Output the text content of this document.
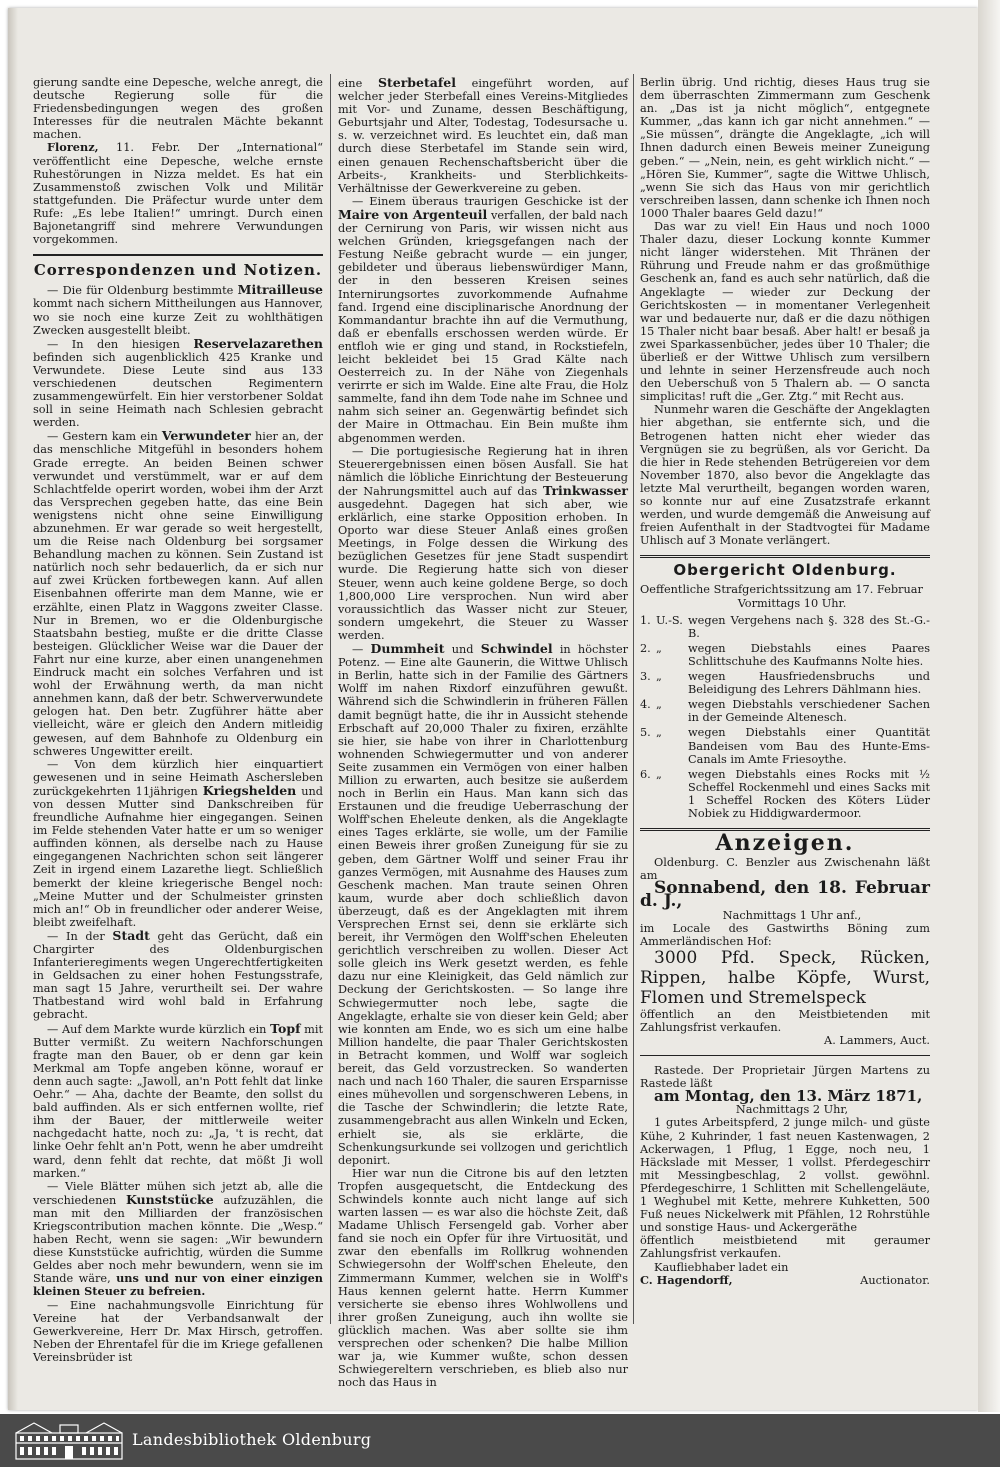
gierung sandte eine Depesche, welche anregt, die deutsche Regierung solle für die Friedensbedingungen wegen des großen Interesses für die neutralen Mächte bekannt machen.

Florenz, 11. Febr. Der „International“ veröffentlicht eine Depesche, welche ernste Ruhestörungen in Nizza meldet. Es hat ein Zusammenstoß zwischen Volk und Militär stattgefunden. Die Präfectur wurde unter dem Rufe: „Es lebe Italien!“ umringt. Durch einen Bajonetangriff sind mehrere Verwundungen vorgekommen.

Correspondenzen und Notizen.

— Die für Oldenburg bestimmte Mitrailleuse kommt nach sichern Mittheilungen aus Hannover, wo sie noch eine kurze Zeit zu wohlthätigen Zwecken ausgestellt bleibt.

— In den hiesigen Reservelazarethen befinden sich augenblicklich 425 Kranke und Verwundete. Diese Leute sind aus 133 verschiedenen deutschen Regimentern zusammengewürfelt. Ein hier verstorbener Soldat soll in seine Heimath nach Schlesien gebracht werden.

— Gestern kam ein Verwundeter hier an, der das menschliche Mitgefühl in besonders hohem Grade erregte. An beiden Beinen schwer verwundet und verstümmelt, war er auf dem Schlachtfelde operirt worden, wobei ihm der Arzt das Versprechen gegeben hatte, das eine Bein wenigstens nicht ohne seine Einwilligung abzunehmen. Er war gerade so weit hergestellt, um die Reise nach Oldenburg bei sorgsamer Behandlung machen zu können. Sein Zustand ist natürlich noch sehr bedauerlich, da er sich nur auf zwei Krücken fortbewegen kann. Auf allen Eisenbahnen offerirte man dem Manne, wie er erzählte, einen Platz in Waggons zweiter Classe. Nur in Bremen, wo er die Oldenburgische Staatsbahn bestieg, mußte er die dritte Classe besteigen. Glücklicher Weise war die Dauer der Fahrt nur eine kurze, aber einen unangenehmen Eindruck macht ein solches Verfahren und ist wohl der Erwähnung werth, da man nicht annehmen kann, daß der betr. Schwerverwundete gelogen hat. Den betr. Zugführer hätte aber vielleicht, wäre er gleich den Andern mitleidig gewesen, auf dem Bahnhofe zu Oldenburg ein schweres Ungewitter ereilt.

— Von dem kürzlich hier einquartiert gewesenen und in seine Heimath Aschersleben zurückgekehrten 11jährigen Kriegshelden und von dessen Mutter sind Dankschreiben für freundliche Aufnahme hier eingegangen. Seinen im Felde stehenden Vater hatte er um so weniger auffinden können, als derselbe nach zu Hause eingegangenen Nachrichten schon seit längerer Zeit in irgend einem Lazarethe liegt. Schließlich bemerkt der kleine kriegerische Bengel noch: „Meine Mutter und der Schulmeister grinsten mich an!“ Ob in freundlicher oder anderer Weise, bleibt zweifelhaft.

— In der Stadt geht das Gerücht, daß ein Chargirter des Oldenburgischen Infanterieregiments wegen Ungerechtfertigkeiten in Geldsachen zu einer hohen Festungsstrafe, man sagt 15 Jahre, verurtheilt sei. Der wahre Thatbestand wird wohl bald in Erfahrung gebracht.

— Auf dem Markte wurde kürzlich ein Topf mit Butter vermißt. Zu weitern Nachforschungen fragte man den Bauer, ob er denn gar kein Merkmal am Topfe angeben könne, worauf er denn auch sagte: „Jawoll, an'n Pott fehlt dat linke Oehr.“ — Aha, dachte der Beamte, den sollst du bald auffinden. Als er sich entfernen wollte, rief ihm der Bauer, der mittlerweile weiter nachgedacht hatte, noch zu: „Ja, 't is recht, dat linke Oehr fehlt an'n Pott, wenn he aber umdreiht ward, denn fehlt dat rechte, dat mößt Ji woll marken.“

— Viele Blätter mühen sich jetzt ab, alle die verschiedenen Kunststücke aufzuzählen, die man mit den Milliarden der französischen Kriegscontribution machen könnte. Die „Wesp.“ haben Recht, wenn sie sagen: „Wir bewundern diese Kunststücke aufrichtig, würden die Summe Geldes aber noch mehr bewundern, wenn sie im Stande wäre, uns und nur von einer einzigen kleinen Steuer zu befreien.

— Eine nachahmungsvolle Einrichtung für Vereine hat der Verbandsanwalt der Gewerkvereine, Herr Dr. Max Hirsch, getroffen. Neben der Ehrentafel für die im Kriege gefallenen Vereinsbrüder ist

eine Sterbetafel eingeführt worden, auf welcher jeder Sterbefall eines Vereins-Mitgliedes mit Vor- und Zuname, dessen Beschäftigung, Geburtsjahr und Alter, Todestag, Todesursache u. s. w. verzeichnet wird. Es leuchtet ein, daß man durch diese Sterbetafel im Stande sein wird, einen genauen Rechenschaftsbericht über die Arbeits-, Krankheits- und Sterblichkeits-Verhältnisse der Gewerkvereine zu geben.

— Einem überaus traurigen Geschicke ist der Maire von Argenteuil verfallen, der bald nach der Cernirung von Paris, wir wissen nicht aus welchen Gründen, kriegsgefangen nach der Festung Neiße gebracht wurde — ein junger, gebildeter und überaus liebenswürdiger Mann, der in den besseren Kreisen seines Internirungsortes zuvorkommende Aufnahme fand. Irgend eine disciplinarische Anordnung der Kommandantur brachte ihn auf die Vermuthung, daß er ebenfalls erschossen werden würde. Er entfloh wie er ging und stand, in Rockstiefeln, leicht bekleidet bei 15 Grad Kälte nach Oesterreich zu. In der Nähe von Ziegenhals verirrte er sich im Walde. Eine alte Frau, die Holz sammelte, fand ihn dem Tode nahe im Schnee und nahm sich seiner an. Gegenwärtig befindet sich der Maire in Ottmachau. Ein Bein mußte ihm abgenommen werden.

— Die portugiesische Regierung hat in ihren Steuerergebnissen einen bösen Ausfall. Sie hat nämlich die löbliche Einrichtung der Besteuerung der Nahrungsmittel auch auf das Trinkwasser ausgedehnt. Dagegen hat sich aber, wie erklärlich, eine starke Opposition erhoben. In Oporto war diese Steuer Anlaß eines großen Meetings, in Folge dessen die Wirkung des bezüglichen Gesetzes für jene Stadt suspendirt wurde. Die Regierung hatte sich von dieser Steuer, wenn auch keine goldene Berge, so doch 1,800,000 Lire versprochen. Nun wird aber voraussichtlich das Wasser nicht zur Steuer, sondern umgekehrt, die Steuer zu Wasser werden.

— Dummheit und Schwindel in höchster Potenz. — Eine alte Gaunerin, die Wittwe Uhlisch in Berlin, hatte sich in der Familie des Gärtners Wolff im nahen Rixdorf einzuführen gewußt. Während sich die Schwindlerin in früheren Fällen damit begnügt hatte, die ihr in Aussicht stehende Erbschaft auf 20,000 Thaler zu fixiren, erzählte sie hier, sie habe von ihrer in Charlottenburg wohnenden Schwiegermutter und von anderer Seite zusammen ein Vermögen von einer halben Million zu erwarten, auch besitze sie außerdem noch in Berlin ein Haus. Man kann sich das Erstaunen und die freudige Ueberraschung der Wolff'schen Eheleute denken, als die Angeklagte eines Tages erklärte, sie wolle, um der Familie einen Beweis ihrer großen Zuneigung für sie zu geben, dem Gärtner Wolff und seiner Frau ihr ganzes Vermögen, mit Ausnahme des Hauses zum Geschenk machen. Man traute seinen Ohren kaum, wurde aber doch schließlich davon überzeugt, daß es der Angeklagten mit ihrem Versprechen Ernst sei, denn sie erklärte sich bereit, ihr Vermögen den Wolff'schen Eheleuten gerichtlich verschreiben zu wollen. Dieser Act solle gleich ins Werk gesetzt werden, es fehle dazu nur eine Kleinigkeit, das Geld nämlich zur Deckung der Gerichtskosten. — So lange ihre Schwiegermutter noch lebe, sagte die Angeklagte, erhalte sie von dieser kein Geld; aber wie konnten am Ende, wo es sich um eine halbe Million handelte, die paar Thaler Gerichtskosten in Betracht kommen, und Wolff war sogleich bereit, das Geld vorzustrecken. So wanderten nach und nach 160 Thaler, die sauren Ersparnisse eines mühevollen und sorgenschweren Lebens, in die Tasche der Schwindlerin; die letzte Rate, zusammengebracht aus allen Winkeln und Ecken, erhielt sie, als sie erklärte, die Schenkungsurkunde sei vollzogen und gerichtlich deponirt.

Hier war nun die Citrone bis auf den letzten Tropfen ausgequetscht, die Entdeckung des Schwindels konnte auch nicht lange auf sich warten lassen — es war also die höchste Zeit, daß Madame Uhlisch Fersengeld gab. Vorher aber fand sie noch ein Opfer für ihre Virtuosität, und zwar den ebenfalls im Rollkrug wohnenden Schwiegersohn der Wolff'schen Eheleute, den Zimmermann Kummer, welchen sie in Wolff's Haus kennen gelernt hatte. Herrn Kummer versicherte sie ebenso ihres Wohlwollens und ihrer großen Zuneigung, auch ihn wollte sie glücklich machen. Was aber sollte sie ihm versprechen oder schenken? Die halbe Million war ja, wie Kummer wußte, schon dessen Schwiegereltern verschrieben, es blieb also nur noch das Haus in

Berlin übrig. Und richtig, dieses Haus trug sie dem überraschten Zimmermann zum Geschenk an. „Das ist ja nicht möglich“, entgegnete Kummer, „das kann ich gar nicht annehmen.“ — „Sie müssen“, drängte die Angeklagte, „ich will Ihnen dadurch einen Beweis meiner Zuneigung geben.“ — „Nein, nein, es geht wirklich nicht.“ — „Hören Sie, Kummer“, sagte die Wittwe Uhlisch, „wenn Sie sich das Haus von mir gerichtlich verschreiben lassen, dann schenke ich Ihnen noch 1000 Thaler baares Geld dazu!“

Das war zu viel! Ein Haus und noch 1000 Thaler dazu, dieser Lockung konnte Kummer nicht länger widerstehen. Mit Thränen der Rührung und Freude nahm er das großmüthige Geschenk an, fand es auch sehr natürlich, daß die Angeklagte — wieder zur Deckung der Gerichtskosten — in momentaner Verlegenheit war und bedauerte nur, daß er die dazu nöthigen 15 Thaler nicht baar besaß. Aber halt! er besaß ja zwei Sparkassenbücher, jedes über 10 Thaler; die überließ er der Wittwe Uhlisch zum versilbern und lehnte in seiner Herzensfreude auch noch den Ueberschuß von 5 Thalern ab. — O sancta simplicitas! ruft die „Ger. Ztg.“ mit Recht aus.

Nunmehr waren die Geschäfte der Angeklagten hier abgethan, sie entfernte sich, und die Betrogenen hatten nicht eher wieder das Vergnügen sie zu begrüßen, als vor Gericht. Da die hier in Rede stehenden Betrügereien vor dem November 1870, also bevor die Angeklagte das letzte Mal verurtheilt, begangen worden waren, so konnte nur auf eine Zusatzstrafe erkannt werden, und wurde demgemäß die Anweisung auf freien Aufenthalt in der Stadtvogtei für Madame Uhlisch auf 3 Monate verlängert.

Obergericht Oldenburg.

Oeffentliche Strafgerichtssitzung am 17. Februar

Vormittags 10 Uhr.

1. U.-S. wegen Vergehens nach §. 328 des St.-G.-B.
2. „	wegen Diebstahls eines Paares Schlittschuhe des Kaufmanns Nolte hies.
3. „	wegen Hausfriedensbruchs und Beleidigung des Lehrers Dählmann hies.
4. „	wegen Diebstahls verschiedener Sachen in der Gemeinde Altenesch.
5. „	wegen Diebstahls einer Quantität Bandeisen vom Bau des Hunte-Ems-Canals im Amte Friesoythe.
6. „	wegen Diebstahls eines Rocks mit ½ Scheffel Rockenmehl und eines Sacks mit 1 Scheffel Rocken des Köters Lüder Nobiek zu Hiddigwardermoor.
Anzeigen.

Oldenburg. C. Benzler aus Zwischenahn läßt am

Sonnabend, den 18. Februar d. J.,

Nachmittags 1 Uhr anf.,

im Locale des Gastwirths Böning zum Ammerländischen Hof:

3000 Pfd. Speck, Rücken, Rippen, halbe Köpfe, Wurst, Flomen und Stremelspeck

öffentlich an den Meistbietenden mit Zahlungsfrist verkaufen.

A. Lammers, Auct.

Rastede. Der Proprietair Jürgen Martens zu Rastede läßt

am Montag, den 13. März 1871,

Nachmittags 2 Uhr,

1 gutes Arbeitspferd, 2 junge milch- und güste Kühe, 2 Kuhrinder, 1 fast neuen Kastenwagen, 2 Ackerwagen, 1 Pflug, 1 Egge, noch neu, 1 Häckslade mit Messer, 1 vollst. Pferdegeschirr mit Messingbeschlag, 2 vollst. gewöhnl. Pferdegeschirre, 1 Schlitten mit Schellengeläute, 1 Weghubel mit Kette, mehrere Kuhketten, 500 Fuß neues Nickelwerk mit Pfählen, 12 Rohrstühle und sonstige Haus- und Ackergeräthe

öffentlich meistbietend mit geraumer Zahlungsfrist verkaufen.

Kaufliebhaber ladet ein

C. Hagendorff,	Auctionator.
Landesbibliothek Oldenburg
